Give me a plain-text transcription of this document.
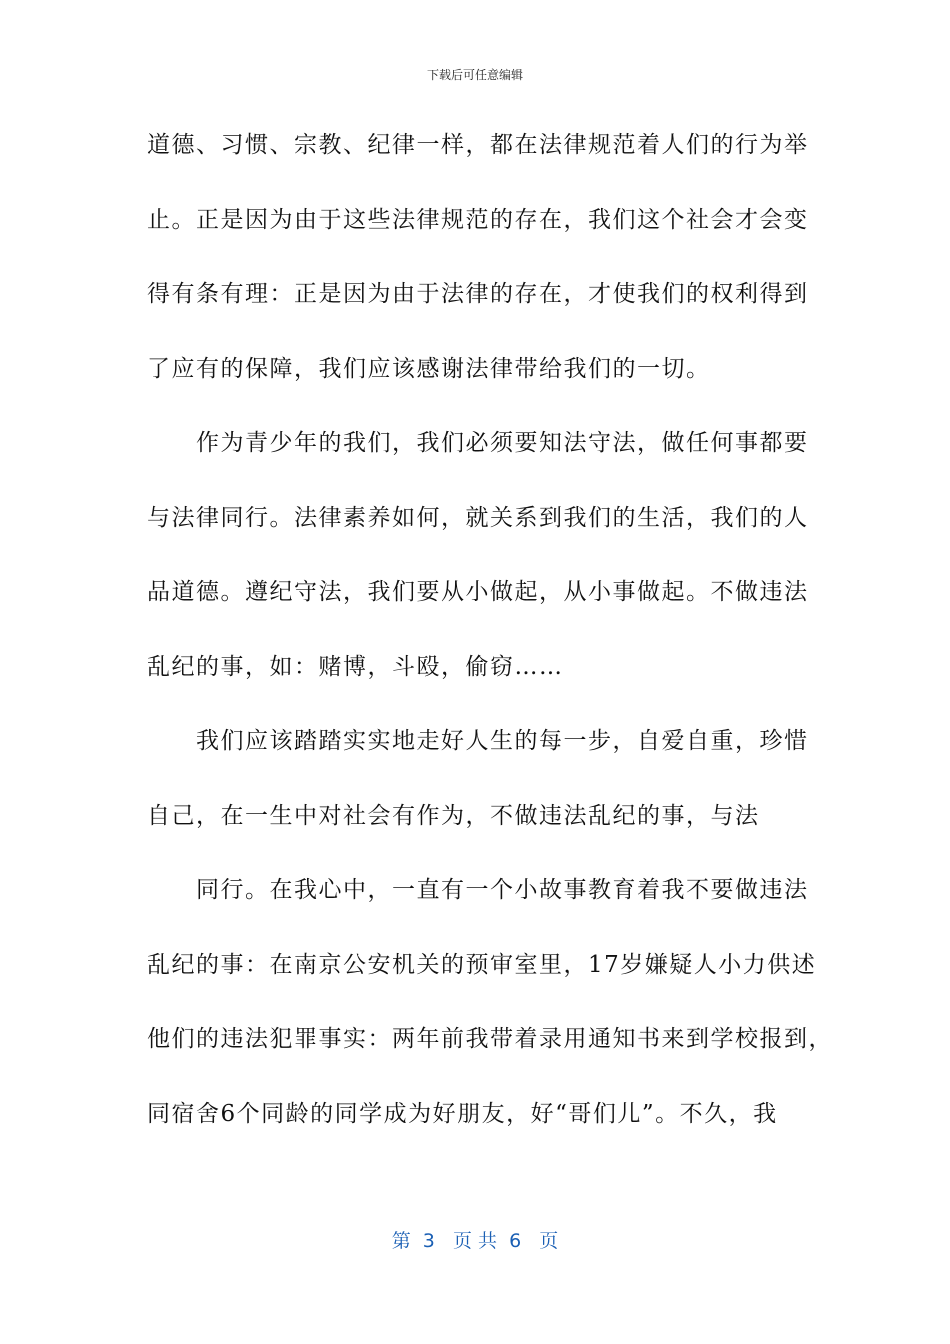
下载后可任意编辑
道德、习惯、宗教、纪律一样，都在法律规范着人们的行为举
止。正是因为由于这些法律规范的存在，我们这个社会才会变
得有条有理：正是因为由于法律的存在，才使我们的权利得到
了应有的保障，我们应该感谢法律带给我们的一切。
　　作为青少年的我们，我们必须要知法守法，做任何事都要
与法律同行。法律素养如何，就关系到我们的生活，我们的人
品道德。遵纪守法，我们要从小做起，从小事做起。不做违法
乱纪的事，如：赌博，斗殴，偷窃……
　　我们应该踏踏实实地走好人生的每一步，自爱自重，珍惜
自己，在一生中对社会有作为，不做违法乱纪的事，与法
　　同行。在我心中，一直有一个小故事教育着我不要做违法
乱纪的事：在南京公安机关的预审室里，17岁嫌疑人小力供述
他们的违法犯罪事实：两年前我带着录用通知书来到学校报到，
同宿舍6个同龄的同学成为好朋友，好“哥们儿”。不久，我
第  3   页 共  6   页
